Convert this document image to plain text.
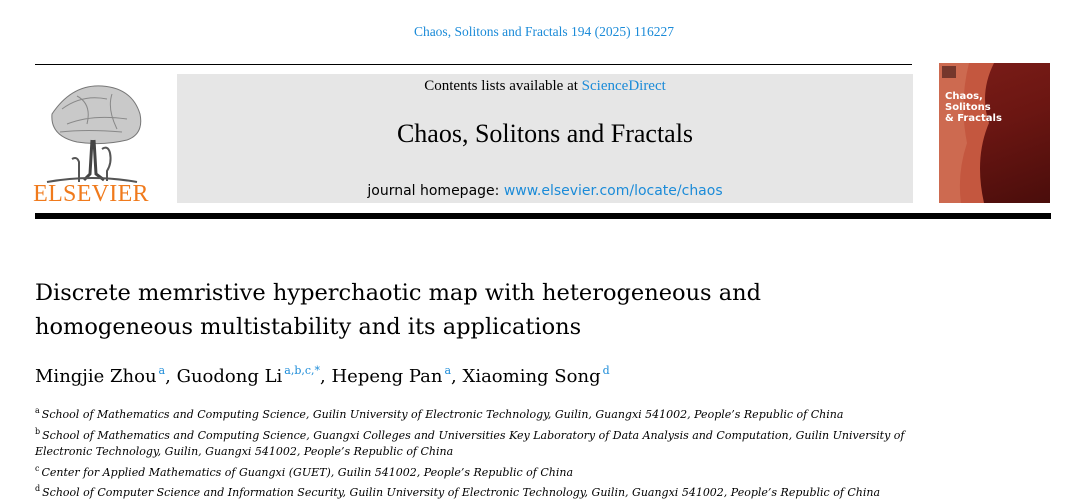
Chaos, Solitons and Fractals 194 (2025) 116227
ELSEVIER
Contents lists available at ScienceDirect
Chaos, Solitons and Fractals
journal homepage: www.elsevier.com/locate/chaos
Chaos,
Solitons
& Fractals
Discrete memristive hyperchaotic map with heterogeneous and
homogeneous multistability and its applications
Mingjie Zhou $^a$, Guodong Li $^{a,b,c,*}$, Hepeng Pan $^a$, Xiaoming Song $^d$
$^a$ School of Mathematics and Computing Science, Guilin University of Electronic Technology, Guilin, Guangxi 541002, People’s Republic of China
$^b$ School of Mathematics and Computing Science, Guangxi Colleges and Universities Key Laboratory of Data Analysis and Computation, Guilin University of Electronic Technology, Guilin, Guangxi 541002, People’s Republic of China
$^c$ Center for Applied Mathematics of Guangxi (GUET), Guilin 541002, People’s Republic of China
$^d$ School of Computer Science and Information Security, Guilin University of Electronic Technology, Guilin, Guangxi 541002, People’s Republic of China
